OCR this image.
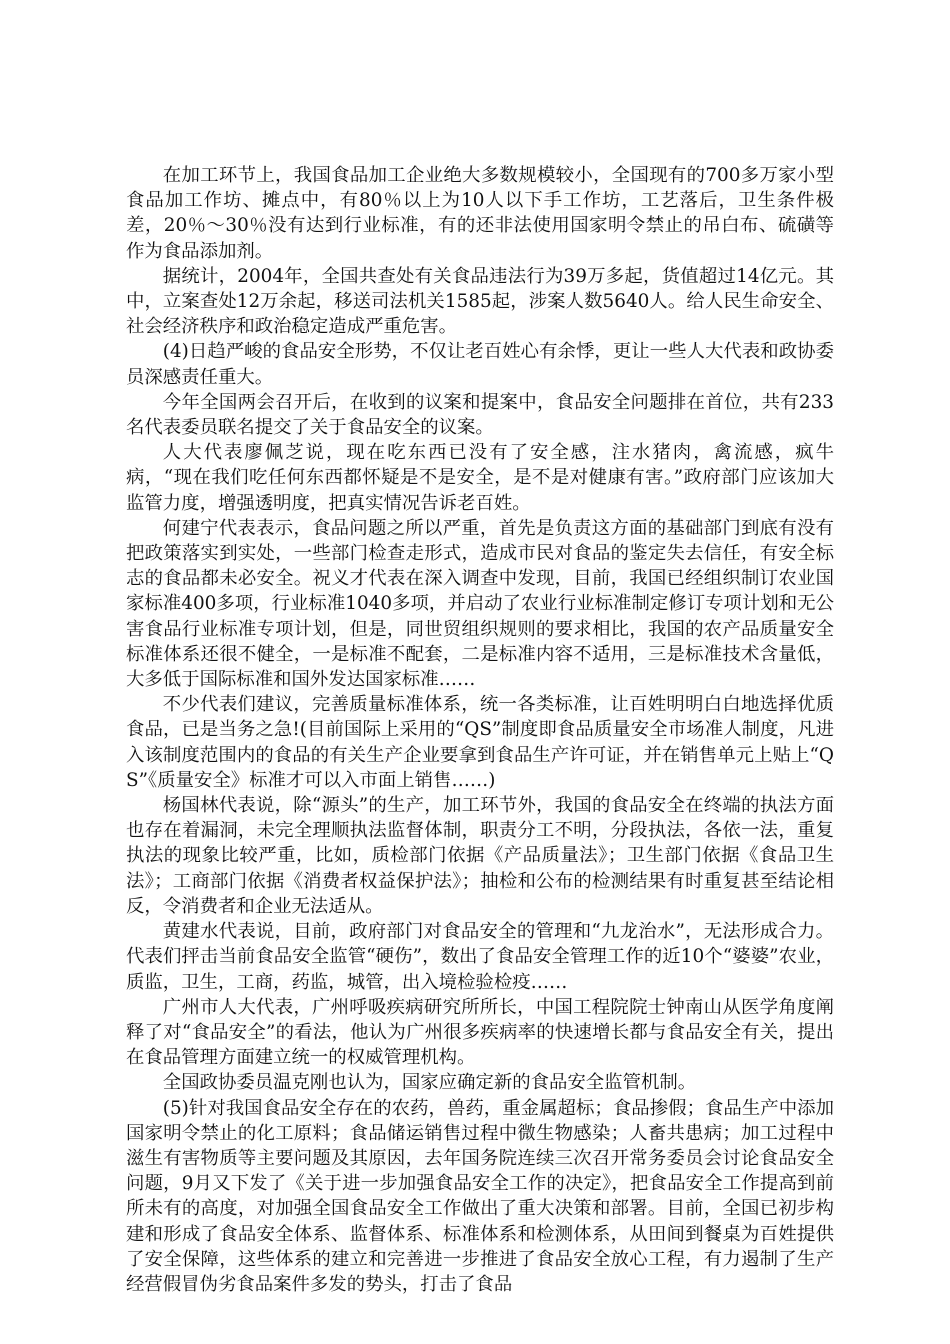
在加工环节上，我国食品加工企业绝大多数规模较小，全国现有的700多万家小型食品加工作坊、摊点中，有80％以上为10人以下手工作坊，工艺落后，卫生条件极差，20％～30％没有达到行业标准，有的还非法使用国家明令禁止的吊白布、硫磺等作为食品添加剂。

据统计，2004年，全国共查处有关食品违法行为39万多起，货值超过14亿元。其中，立案查处12万余起，移送司法机关1585起，涉案人数5640人。给人民生命安全、社会经济秩序和政治稳定造成严重危害。

(4)日趋严峻的食品安全形势，不仅让老百姓心有余悸，更让一些人大代表和政协委员深感责任重大。

今年全国两会召开后，在收到的议案和提案中，食品安全问题排在首位，共有233名代表委员联名提交了关于食品安全的议案。

人大代表廖佩芝说，现在吃东西已没有了安全感，注水猪肉，禽流感，疯牛病，“现在我们吃任何东西都怀疑是不是安全，是不是对健康有害。”政府部门应该加大监管力度，增强透明度，把真实情况告诉老百姓。

何建宁代表表示，食品问题之所以严重，首先是负责这方面的基础部门到底有没有把政策落实到实处，一些部门检查走形式，造成市民对食品的鉴定失去信任，有安全标志的食品都未必安全。祝义才代表在深入调查中发现，目前，我国已经组织制订农业国家标准400多项，行业标准1040多项，并启动了农业行业标准制定修订专项计划和无公害食品行业标准专项计划，但是，同世贸组织规则的要求相比，我国的农产品质量安全标准体系还很不健全，一是标准不配套，二是标准内容不适用，三是标准技术含量低，大多低于国际标准和国外发达国家标准……

不少代表们建议，完善质量标准体系，统一各类标准，让百姓明明白白地选择优质食品，已是当务之急!(目前国际上采用的“QS”制度即食品质量安全市场准人制度，凡进入该制度范围内的食品的有关生产企业要拿到食品生产许可证，并在销售单元上贴上“QS”《质量安全》标准才可以入市面上销售……)

杨国林代表说，除“源头”的生产，加工环节外，我国的食品安全在终端的执法方面也存在着漏洞，未完全理顺执法监督体制，职责分工不明，分段执法，各依一法，重复执法的现象比较严重，比如，质检部门依据《产品质量法》；卫生部门依据《食品卫生法》；工商部门依据《消费者权益保护法》；抽检和公布的检测结果有时重复甚至结论相反，令消费者和企业无法适从。

黄建水代表说，目前，政府部门对食品安全的管理和“九龙治水”，无法形成合力。代表们抨击当前食品安全监管“硬伤”，数出了食品安全管理工作的近10个“婆婆”农业，质监，卫生，工商，药监，城管，出入境检验检疫……

广州市人大代表，广州呼吸疾病研究所所长，中国工程院院士钟南山从医学角度阐释了对“食品安全”的看法，他认为广州很多疾病率的快速增长都与食品安全有关，提出在食品管理方面建立统一的权威管理机构。

全国政协委员温克刚也认为，国家应确定新的食品安全监管机制。

(5)针对我国食品安全存在的农药，兽药，重金属超标；食品掺假；食品生产中添加国家明令禁止的化工原料；食品储运销售过程中微生物感染；人畜共患病；加工过程中滋生有害物质等主要问题及其原因，去年国务院连续三次召开常务委员会讨论食品安全问题，9月又下发了《关于进一步加强食品安全工作的决定》，把食品安全工作提高到前所未有的高度，对加强全国食品安全工作做出了重大决策和部署。目前，全国已初步构建和形成了食品安全体系、监督体系、标准体系和检测体系，从田间到餐桌为百姓提供了安全保障，这些体系的建立和完善进一步推进了食品安全放心工程，有力遏制了生产经营假冒伪劣食品案件多发的势头，打击了食品
